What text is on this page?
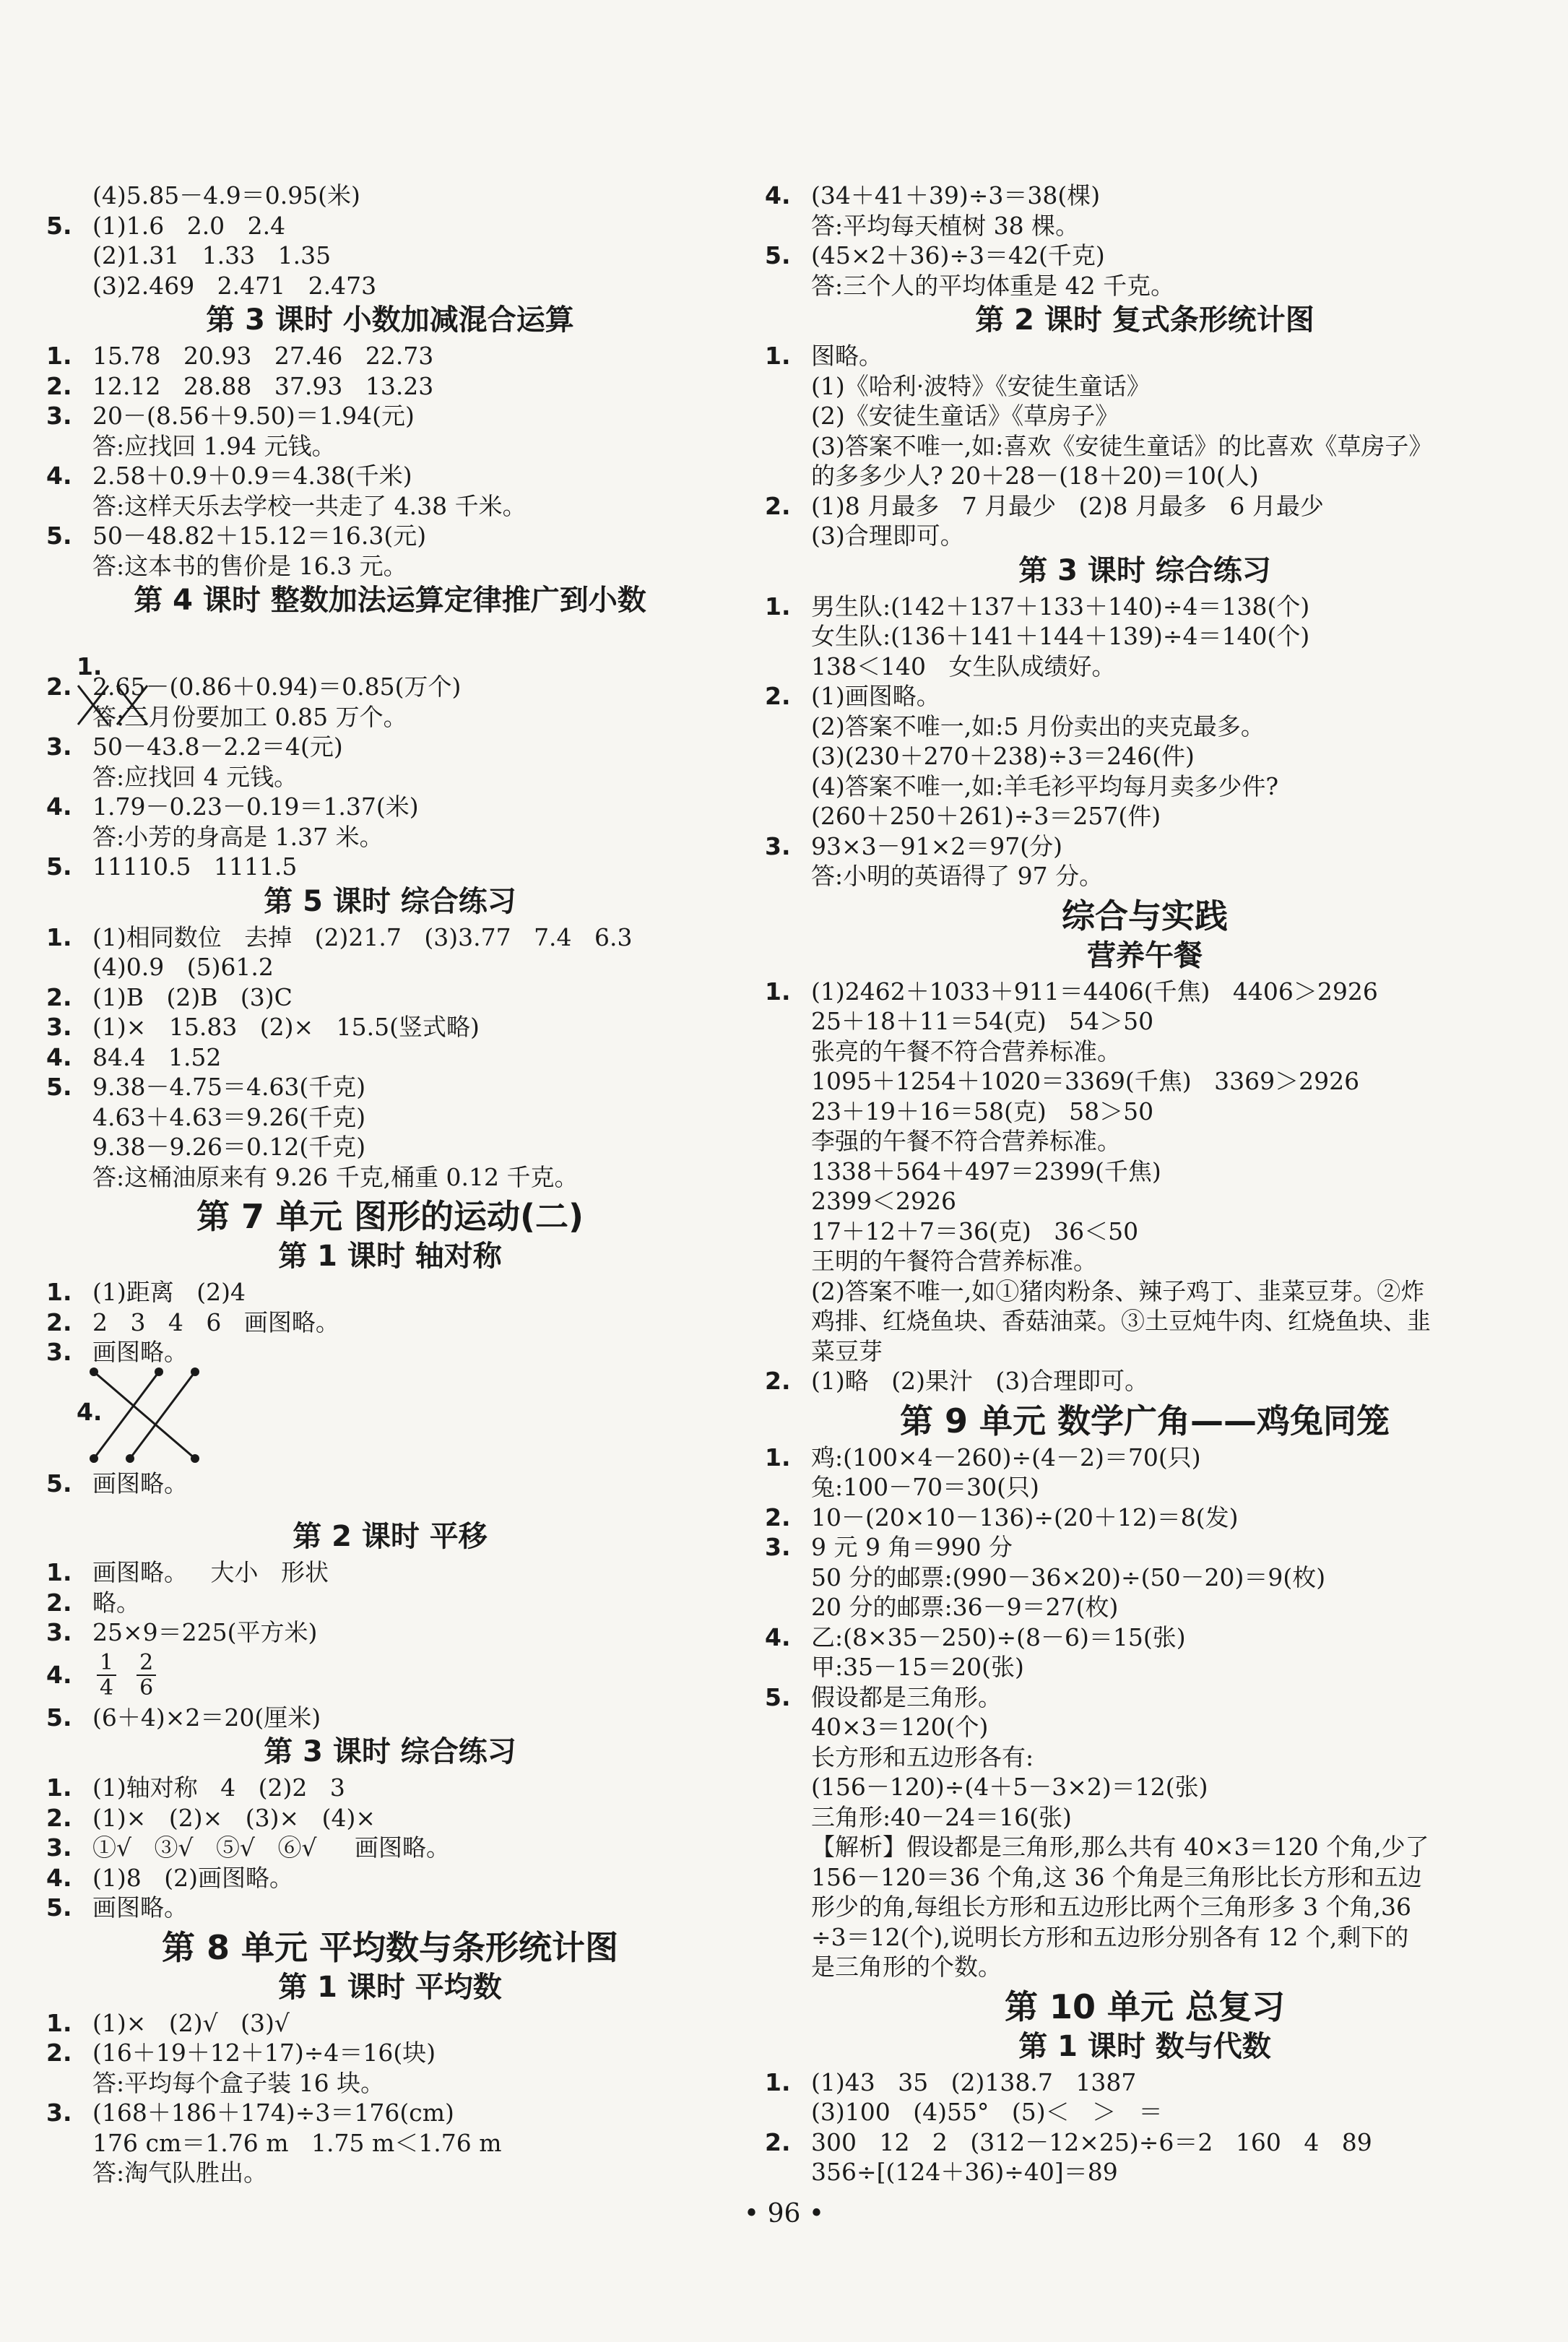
(4)5.85－4.9＝0.95(米)
5. (1)1.6   2.0   2.4
(2)1.31   1.33   1.35
(3)2.469   2.471   2.473
第 3 课时 小数加减混合运算
1. 15.78   20.93   27.46   22.73
2. 12.12   28.88   37.93   13.23
3. 20－(8.56＋9.50)＝1.94(元)
答:应找回 1.94 元钱。
4. 2.58＋0.9＋0.9＝4.38(千米)
答:这样天乐去学校一共走了 4.38 千米。
5. 50－48.82＋15.12＝16.3(元)
答:这本书的售价是 16.3 元。
第 4 课时 整数加法运算定律推广到小数

1.

2. 2.65－(0.86＋0.94)＝0.85(万个)
答:三月份要加工 0.85 万个。
3. 50－43.8－2.2＝4(元)
答:应找回 4 元钱。
4. 1.79－0.23－0.19＝1.37(米)
答:小芳的身高是 1.37 米。
5. 11110.5   1111.5
第 5 课时 综合练习
1. (1)相同数位   去掉   (2)21.7   (3)3.77   7.4   6.3
(4)0.9   (5)61.2
2. (1)B   (2)B   (3)C
3. (1)×   15.83   (2)×   15.5(竖式略)
4. 84.4   1.52
5. 9.38－4.75＝4.63(千克)
4.63＋4.63＝9.26(千克)
9.38－9.26＝0.12(千克)
答:这桶油原来有 9.26 千克,桶重 0.12 千克。
第 7 单元 图形的运动(二)
第 1 课时 轴对称
1. (1)距离   (2)4
2. 2   3   4   6   画图略。
3. 画图略。

4.

5. 画图略。
第 2 课时 平移
1. 画图略。   大小   形状
2. 略。
3. 25×9＝225(平方米)
4.	$\frac{1}{4} \frac{2}{6}$
5. (6＋4)×2＝20(厘米)
第 3 课时 综合练习
1. (1)轴对称   4   (2)2   3
2. (1)×   (2)×   (3)×   (4)×
3. ①√   ③√   ⑤√   ⑥√     画图略。
4. (1)8   (2)画图略。
5. 画图略。
第 8 单元 平均数与条形统计图
第 1 课时 平均数
1. (1)×   (2)√   (3)√
2. (16＋19＋12＋17)÷4＝16(块)
答:平均每个盒子装 16 块。
3. (168＋186＋174)÷3＝176(cm)
176 cm＝1.76 m   1.75 m＜1.76 m
答:淘气队胜出。
4. (34＋41＋39)÷3＝38(棵)
答:平均每天植树 38 棵。
5. (45×2＋36)÷3＝42(千克)
答:三个人的平均体重是 42 千克。
第 2 课时 复式条形统计图
1. 图略。
(1)《哈利·波特》《安徒生童话》
(2)《安徒生童话》《草房子》
(3)答案不唯一,如:喜欢《安徒生童话》的比喜欢《草房子》
的多多少人? 20＋28－(18＋20)＝10(人)
2. (1)8 月最多   7 月最少   (2)8 月最多   6 月最少
(3)合理即可。
第 3 课时 综合练习
1. 男生队:(142＋137＋133＋140)÷4＝138(个)
女生队:(136＋141＋144＋139)÷4＝140(个)
138＜140   女生队成绩好。
2. (1)画图略。
(2)答案不唯一,如:5 月份卖出的夹克最多。
(3)(230＋270＋238)÷3＝246(件)
(4)答案不唯一,如:羊毛衫平均每月卖多少件?
(260＋250＋261)÷3＝257(件)
3. 93×3－91×2＝97(分)
答:小明的英语得了 97 分。
综合与实践
营养午餐
1. (1)2462＋1033＋911＝4406(千焦)   4406＞2926
25＋18＋11＝54(克)   54＞50
张亮的午餐不符合营养标准。
1095＋1254＋1020＝3369(千焦)   3369＞2926
23＋19＋16＝58(克)   58＞50
李强的午餐不符合营养标准。
1338＋564＋497＝2399(千焦)
2399＜2926
17＋12＋7＝36(克)   36＜50
王明的午餐符合营养标准。
(2)答案不唯一,如①猪肉粉条、辣子鸡丁、韭菜豆芽。②炸
鸡排、红烧鱼块、香菇油菜。③土豆炖牛肉、红烧鱼块、韭
菜豆芽
2. (1)略   (2)果汁   (3)合理即可。
第 9 单元 数学广角——鸡兔同笼
1. 鸡:(100×4－260)÷(4－2)＝70(只)
兔:100－70＝30(只)
2. 10－(20×10－136)÷(20＋12)＝8(发)
3. 9 元 9 角＝990 分
50 分的邮票:(990－36×20)÷(50－20)＝9(枚)
20 分的邮票:36－9＝27(枚)
4. 乙:(8×35－250)÷(8－6)＝15(张)
甲:35－15＝20(张)
5. 假设都是三角形。
40×3＝120(个)
长方形和五边形各有:
(156－120)÷(4＋5－3×2)＝12(张)
三角形:40－24＝16(张)
【解析】假设都是三角形,那么共有 40×3＝120 个角,少了
156－120＝36 个角,这 36 个角是三角形比长方形和五边
形少的角,每组长方形和五边形比两个三角形多 3 个角,36
÷3＝12(个),说明长方形和五边形分别各有 12 个,剩下的
是三角形的个数。
第 10 单元 总复习
第 1 课时 数与代数
1. (1)43   35   (2)138.7   1387
(3)100   (4)55°   (5)＜   ＞   ＝
2. 300   12   2   (312－12×25)÷6＝2   160   4   89
356÷[(124＋36)÷40]＝89
• 96 •
